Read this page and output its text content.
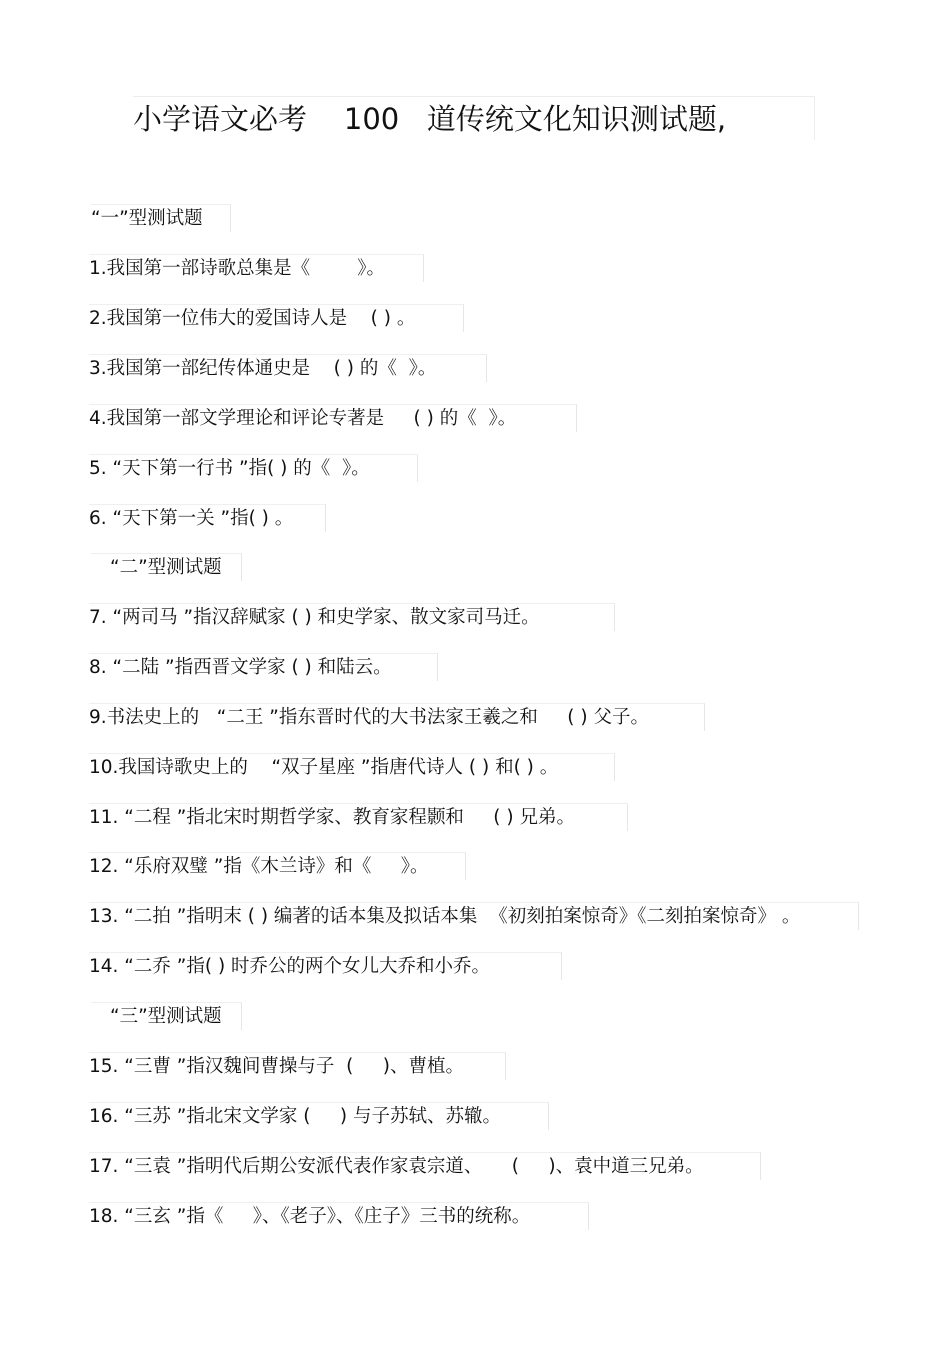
小学语文必考    100   道传统文化知识测试题,
“一”型测试题
1.我国第一部诗歌总集是《        》。
2.我国第一位伟大的爱国诗人是    ( ) 。
3.我国第一部纪传体通史是    ( ) 的《  》。
4.我国第一部文学理论和评论专著是     ( ) 的《  》。
5. “天下第一行书 ”指( ) 的《  》。
6. “天下第一关 ”指( ) 。
“二”型测试题
7. “两司马 ”指汉辞赋家 ( ) 和史学家、散文家司马迁。
8. “二陆 ”指西晋文学家 ( ) 和陆云。
9.书法史上的   “二王 ”指东晋时代的大书法家王羲之和     ( ) 父子。
10.我国诗歌史上的    “双子星座 ”指唐代诗人 ( ) 和( ) 。
11. “二程 ”指北宋时期哲学家、教育家程颢和     ( ) 兄弟。
12. “乐府双璧 ”指《木兰诗》和《     》。
13. “二拍 ”指明末 ( ) 编著的话本集及拟话本集  《初刻拍案惊奇》《二刻拍案惊奇》 。
14. “二乔 ”指( ) 时乔公的两个女儿大乔和小乔。
“三”型测试题
15. “三曹 ”指汉魏间曹操与子  (     )、曹植。
16. “三苏 ”指北宋文学家 (     ) 与子苏轼、苏辙。
17. “三袁 ”指明代后期公安派代表作家袁宗道、     (     )、袁中道三兄弟。
18. “三玄 ”指《     》、《老子》、《庄子》三书的统称。
